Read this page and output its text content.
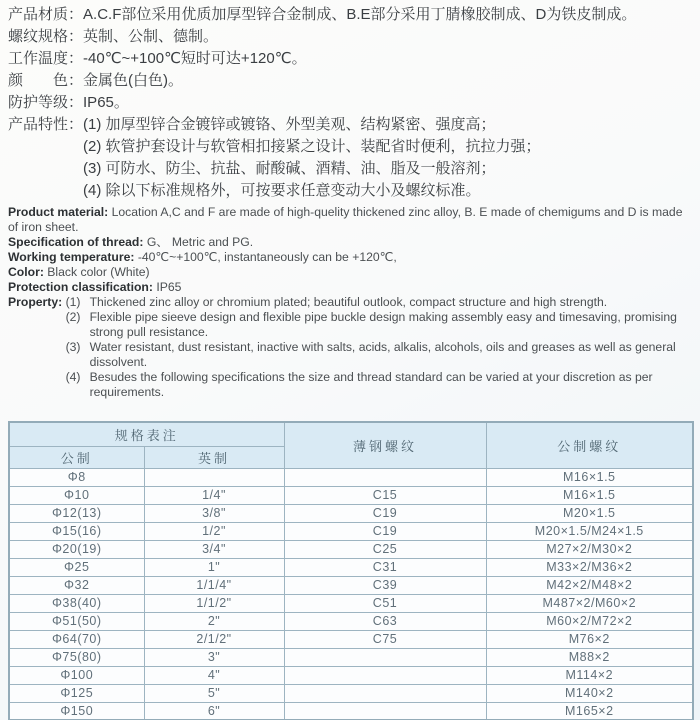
产品材质： A.C.F部位采用优质加厚型锌合金制成、B.E部分采用丁腈橡胶制成、D为铁皮制成。
螺纹规格： 英制、公制、德制。
工作温度： -40℃~+100℃短时可达+120℃。
颜　　色： 金属色(白色)。
防护等级： IP65。
产品特性： (1) 加厚型锌合金镀锌或镀铬、外型美观、结构紧密、强度高；
(2) 软管护套设计与软管相扣接紧之设计、装配省时便利，抗拉力强；
(3) 可防水、防尘、抗盐、耐酸碱、酒精、油、脂及一般溶剂；
(4) 除以下标准规格外，可按要求任意变动大小及螺纹标准。
Product material: Location A,C and F are made of high-quelity thickened zinc alloy, B. E made of chemigums and D is made of iron sheet.
Specification of thread: G、 Metric and PG.
Working temperature: -40℃~+100℃, instantaneously can be +120℃,
Color: Black color (White)
Protection classification: IP65
Property: (1) Thickened zinc alloy or chromium plated; beautiful outlook, compact structure and high strength.
(2) Flexible pipe sieeve design and flexible pipe buckle design making assembly easy and timesaving, promising strong pull resistance.
(3) Water resistant, dust resistant, inactive with salts, acids, alkalis, alcohols, oils and greases as well as general dissolvent.
(4) Besudes the following specifications the size and thread standard can be varied at your discretion as per requirements.
规格表注		薄钢螺纹	公制螺纹
公制	英制		
Φ8			M16×1.5
Φ10	1/4"	C15	M16×1.5
Φ12(13)	3/8"	C19	M20×1.5
Φ15(16)	1/2"	C19	M20×1.5/M24×1.5
Φ20(19)	3/4"	C25	M27×2/M30×2
Φ25	1"	C31	M33×2/M36×2
Φ32	1/1/4"	C39	M42×2/M48×2
Φ38(40)	1/1/2"	C51	M487×2/M60×2
Φ51(50)	2"	C63	M60×2/M72×2
Φ64(70)	2/1/2"	C75	M76×2
Φ75(80)	3"		M88×2
Φ100	4"		M114×2
Φ125	5"		M140×2
Φ150	6"		M165×2
